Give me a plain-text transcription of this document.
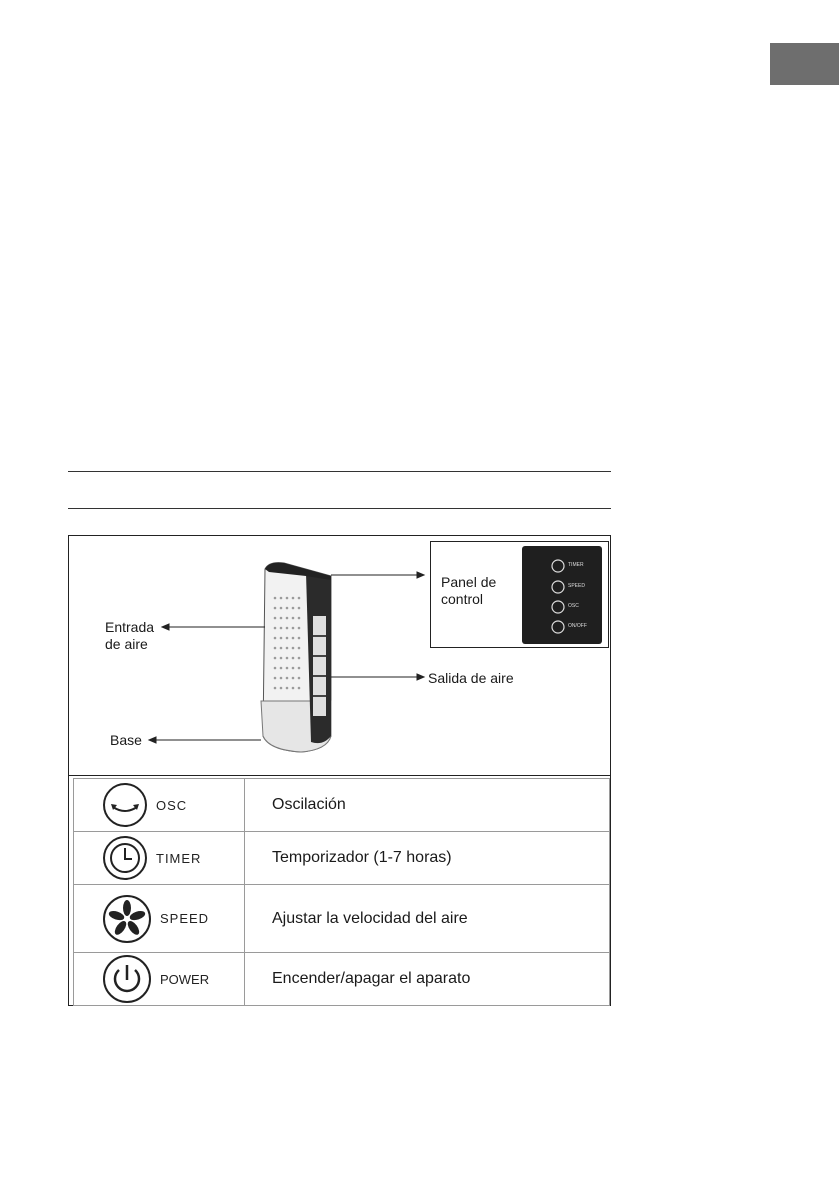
Entrada
de aire
Salida de aire
Base
Panel de
control
TIMER
SPEED
OSC
ON/OFF
OSC	Oscilación

TIMER	Temporizador (1-7 horas)

SPEED	Ajustar la velocidad del aire

POWER	Encender/apagar el aparato
